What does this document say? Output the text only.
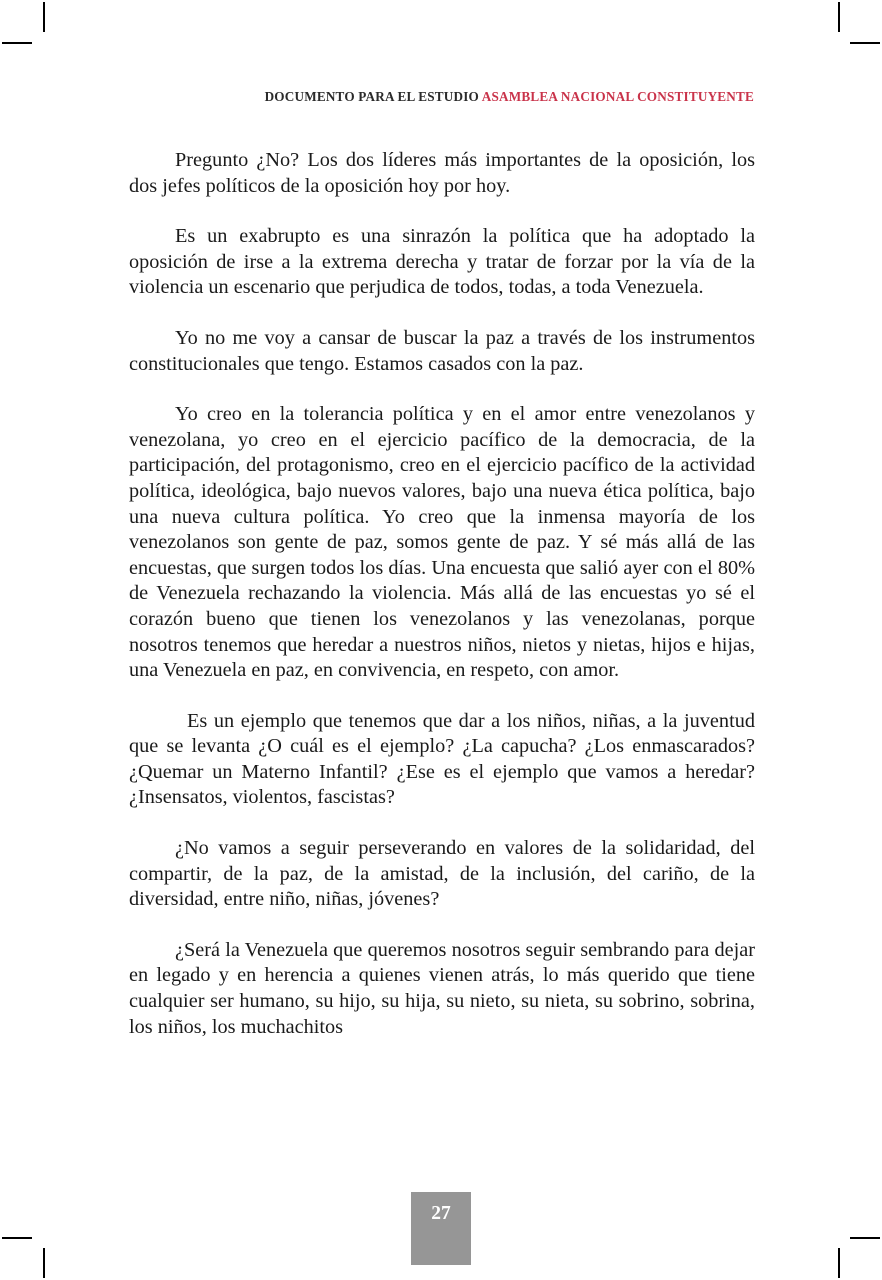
DOCUMENTO PARA EL ESTUDIO ASAMBLEA NACIONAL CONSTITUYENTE

Pregunto ¿No? Los dos líderes más importantes de la oposición, los dos jefes políticos de la oposición hoy por hoy.

Es un exabrupto es una sinrazón la política que ha adoptado la oposición de irse a la extrema derecha y tratar de forzar por la vía de la violencia un escenario que perjudica de todos, todas, a toda Venezuela.

Yo no me voy a cansar de buscar la paz a través de los instrumentos constitucionales que tengo. Estamos casados con la paz.

Yo creo en la tolerancia política y en el amor entre venezolanos y venezolana, yo creo en el ejercicio pacífico de la democracia, de la participación, del protagonismo, creo en el ejercicio pacífico de la actividad política, ideológica, bajo nuevos valores, bajo una nueva ética política, bajo una nueva cultura política. Yo creo que la inmensa mayoría de los venezolanos son gente de paz, somos gente de paz. Y sé más allá de las encuestas, que surgen todos los días. Una encuesta que salió ayer con el 80% de Venezuela rechazando la violencia. Más allá de las encuestas yo sé el corazón bueno que tienen los venezolanos y las venezolanas, porque nosotros tenemos que heredar a nuestros niños, nietos y nietas, hijos e hijas, una Venezuela en paz, en convivencia, en respeto, con amor.

Es un ejemplo que tenemos que dar a los niños, niñas, a la juventud que se levanta ¿O cuál es el ejemplo? ¿La capucha? ¿Los enmascarados? ¿Quemar un Materno Infantil? ¿Ese es el ejemplo que vamos a heredar? ¿Insensatos, violentos, fascistas?

¿No vamos a seguir perseverando en valores de la solidaridad, del compartir, de la paz, de la amistad, de la inclusión, del cariño, de la diversidad, entre niño, niñas, jóvenes?

¿Será la Venezuela que queremos nosotros seguir sembrando para dejar en legado y en herencia a quienes vienen atrás, lo más querido que tiene cualquier ser humano, su hijo, su hija, su nieto, su nieta, su sobrino, sobrina, los niños, los muchachitos

27
